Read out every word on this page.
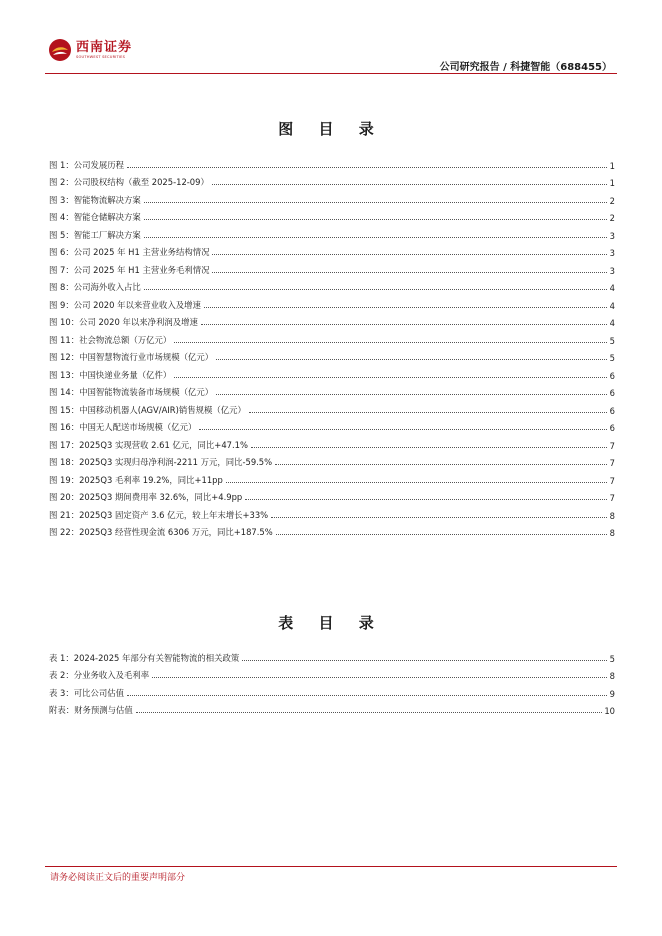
西南证券
SOUTHWEST SECURITIES
公司研究报告 / 科捷智能（688455）
图 目 录
图 1：公司发展历程	1
图 2：公司股权结构（截至 2025-12-09）	1
图 3：智能物流解决方案	2
图 4：智能仓储解决方案	2
图 5：智能工厂解决方案	3
图 6：公司 2025 年 H1 主营业务结构情况	3
图 7：公司 2025 年 H1 主营业务毛利情况	3
图 8：公司海外收入占比	4
图 9：公司 2020 年以来营业收入及增速	4
图 10：公司 2020 年以来净利润及增速	4
图 11：社会物流总额（万亿元）	5
图 12：中国智慧物流行业市场规模（亿元）	5
图 13：中国快递业务量（亿件）	6
图 14：中国智能物流装备市场规模（亿元）	6
图 15：中国移动机器人(AGV/AIR)销售规模（亿元）	6
图 16：中国无人配送市场规模（亿元）	6
图 17：2025Q3 实现营收 2.61 亿元，同比+47.1%	7
图 18：2025Q3 实现归母净利润-2211 万元，同比-59.5%	7
图 19：2025Q3 毛利率 19.2%，同比+11pp	7
图 20：2025Q3 期间费用率 32.6%，同比+4.9pp	7
图 21：2025Q3 固定资产 3.6 亿元，较上年末增长+33%	8
图 22：2025Q3 经营性现金流 6306 万元，同比+187.5%	8
表 目 录
表 1：2024-2025 年部分有关智能物流的相关政策	5
表 2：分业务收入及毛利率	8
表 3：可比公司估值	9
附表：财务预测与估值	10
请务必阅读正文后的重要声明部分
